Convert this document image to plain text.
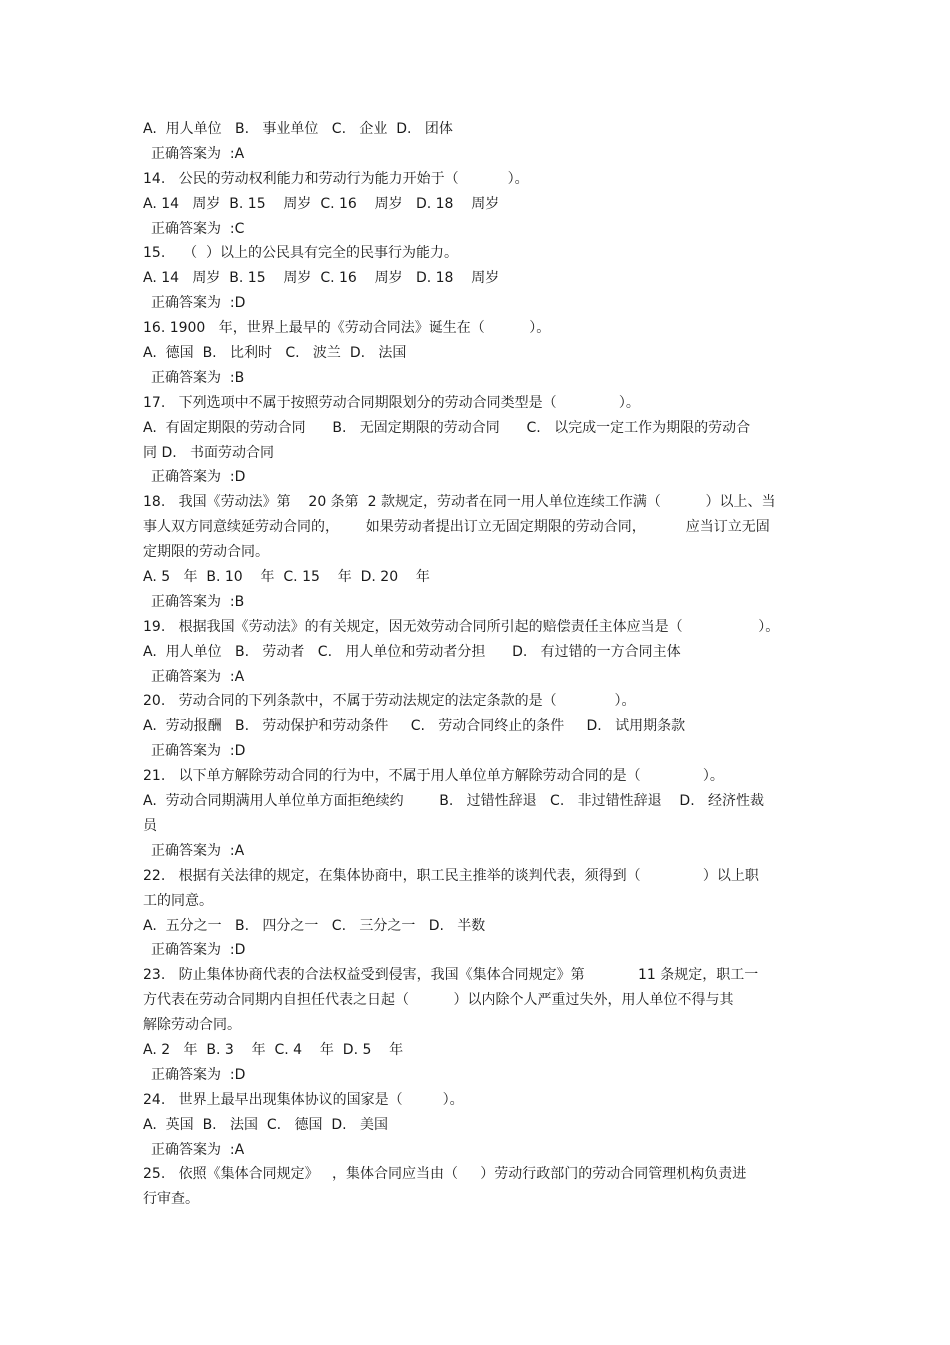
A.  用人单位   B.   事业单位   C.   企业  D.   团体
正确答案为  :A
14.   公民的劳动权利能力和劳动行为能力开始于（           ）。
A. 14   周岁  B. 15    周岁  C. 16    周岁   D. 18    周岁
正确答案为  :C
15.    （  ）以上的公民具有完全的民事行为能力。
A. 14   周岁  B. 15    周岁  C. 16    周岁   D. 18    周岁
正确答案为  :D
16. 1900   年，世界上最早的《劳动合同法》诞生在（          ）。
A.  德国  B.   比利时   C.   波兰  D.   法国
正确答案为  :B
17.   下列选项中不属于按照劳动合同期限划分的劳动合同类型是（              ）。
A.  有固定期限的劳动合同      B.   无固定期限的劳动合同      C.   以完成一定工作为期限的劳动合
同 D.   书面劳动合同
正确答案为  :D
18.   我国《劳动法》第    20 条第  2 款规定，劳动者在同一用人单位连续工作满（          ）以上、当
事人双方同意续延劳动合同的，      如果劳动者提出订立无固定期限的劳动合同，         应当订立无固
定期限的劳动合同。
A. 5   年  B. 10    年  C. 15    年  D. 20    年
正确答案为  :B
19.   根据我国《劳动法》的有关规定，因无效劳动合同所引起的赔偿责任主体应当是（                 ）。
A.  用人单位   B.   劳动者   C.   用人单位和劳动者分担      D.   有过错的一方合同主体
正确答案为  :A
20.   劳动合同的下列条款中，不属于劳动法规定的法定条款的是（             ）。
A.  劳动报酬   B.   劳动保护和劳动条件     C.   劳动合同终止的条件     D.   试用期条款
正确答案为  :D
21.   以下单方解除劳动合同的行为中，不属于用人单位单方解除劳动合同的是（              ）。
A.  劳动合同期满用人单位单方面拒绝续约        B.   过错性辞退   C.   非过错性辞退    D.   经济性裁
员
正确答案为  :A
22.   根据有关法律的规定，在集体协商中，职工民主推举的谈判代表，须得到（              ）以上职
工的同意。
A.  五分之一   B.   四分之一   C.   三分之一   D.   半数
正确答案为  :D
23.   防止集体协商代表的合法权益受到侵害，我国《集体合同规定》第            11 条规定，职工一
方代表在劳动合同期内自担任代表之日起（          ）以内除个人严重过失外，用人单位不得与其
解除劳动合同。
A. 2   年  B. 3    年  C. 4    年  D. 5    年
正确答案为  :D
24.   世界上最早出现集体协议的国家是（         ）。
A.  英国  B.   法国  C.   德国  D.   美国
正确答案为  :A
25.   依照《集体合同规定》   ，集体合同应当由（     ）劳动行政部门的劳动合同管理机构负责进
行审查。
